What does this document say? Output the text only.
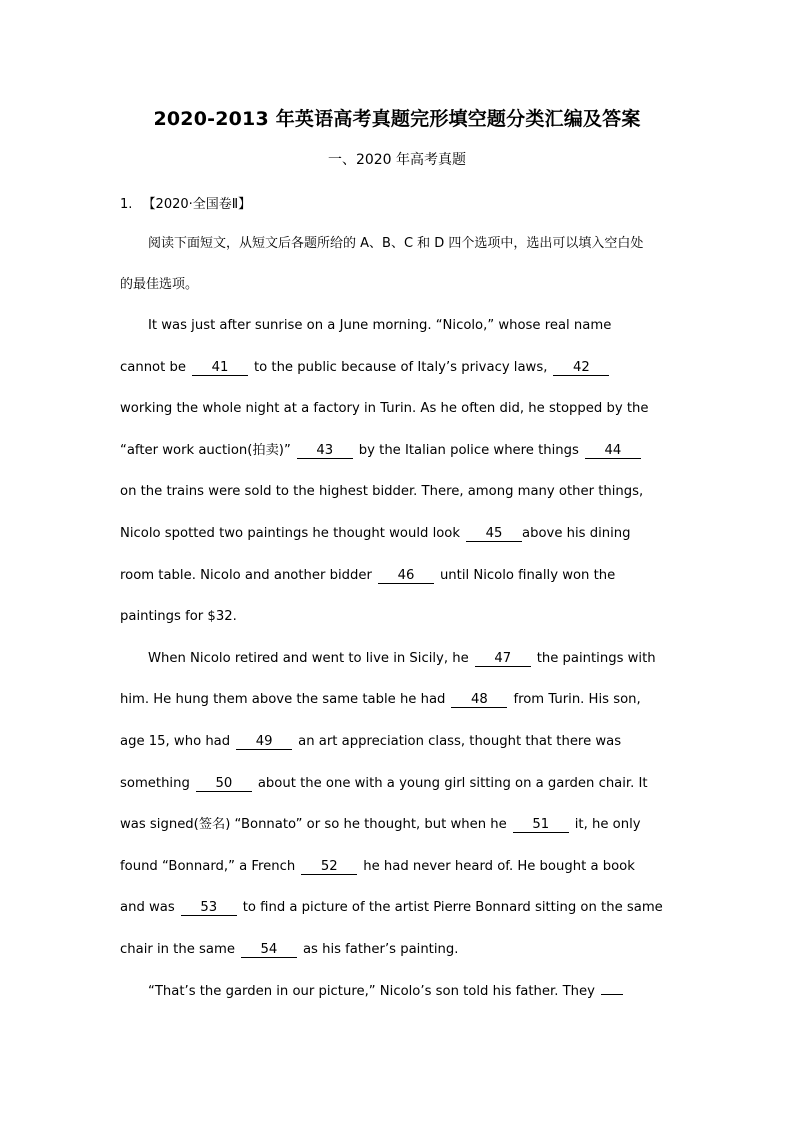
2020-2013 年英语高考真题完形填空题分类汇编及答案
一、2020 年高考真题
1. 【2020·全国卷Ⅱ】
阅读下面短文，从短文后各题所给的 A、B、C 和 D 四个选项中，选出可以填入空白处
的最佳选项。
It was just after sunrise on a June morning. “Nicolo,” whose real name
cannot be 41 to the public because of Italy’s privacy laws, 42
working the whole night at a factory in Turin. As he often did, he stopped by the
“after work auction(拍卖)” 43 by the Italian police where things 44
on the trains were sold to the highest bidder. There, among many other things,
Nicolo spotted two paintings he thought would look 45 above his dining
room table. Nicolo and another bidder 46 until Nicolo finally won the
paintings for $32.
When Nicolo retired and went to live in Sicily, he 47 the paintings with
him. He hung them above the same table he had 48 from Turin. His son,
age 15, who had 49 an art appreciation class, thought that there was
something 50 about the one with a young girl sitting on a garden chair. It
was signed(签名) “Bonnato” or so he thought, but when he 51 it, he only
found “Bonnard,” a French 52 he had never heard of. He bought a book
and was 53 to find a picture of the artist Pierre Bonnard sitting on the same
chair in the same 54 as his father’s painting.
“That’s the garden in our picture,” Nicolo’s son told his father. They
